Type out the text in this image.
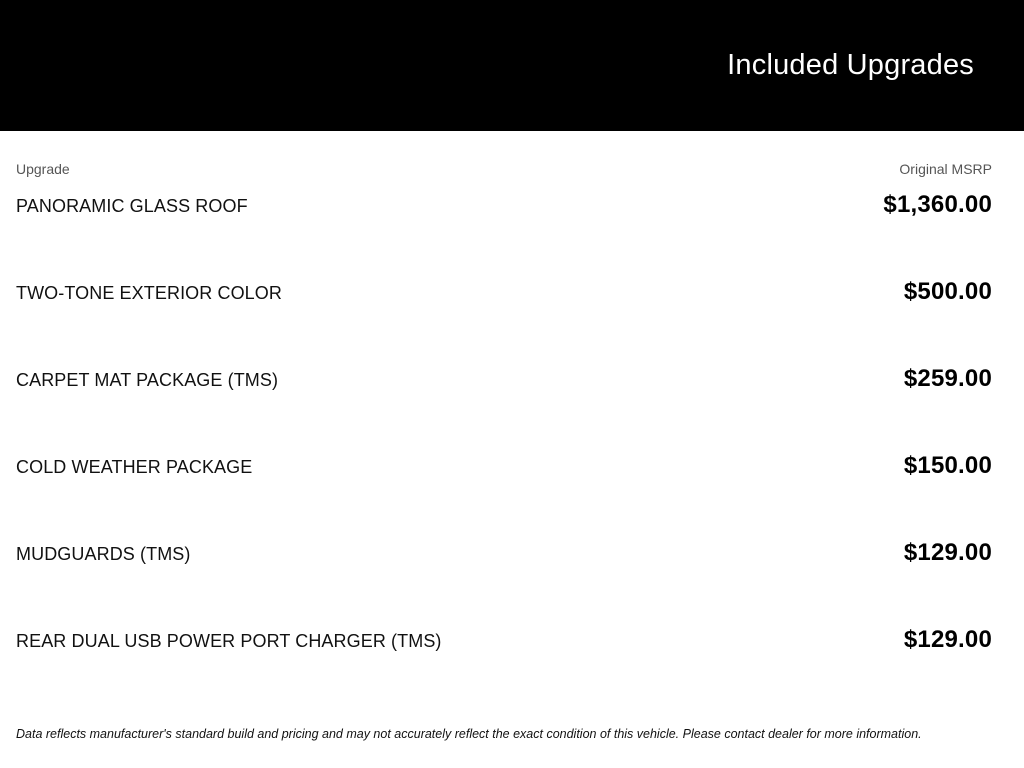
Included Upgrades
Upgrade	Original MSRP
PANORAMIC GLASS ROOF	$1,360.00
TWO-TONE EXTERIOR COLOR	$500.00
CARPET MAT PACKAGE (TMS)	$259.00
COLD WEATHER PACKAGE	$150.00
MUDGUARDS (TMS)	$129.00
REAR DUAL USB POWER PORT CHARGER (TMS)	$129.00
Data reflects manufacturer's standard build and pricing and may not accurately reflect the exact condition of this vehicle. Please contact dealer for more information.
